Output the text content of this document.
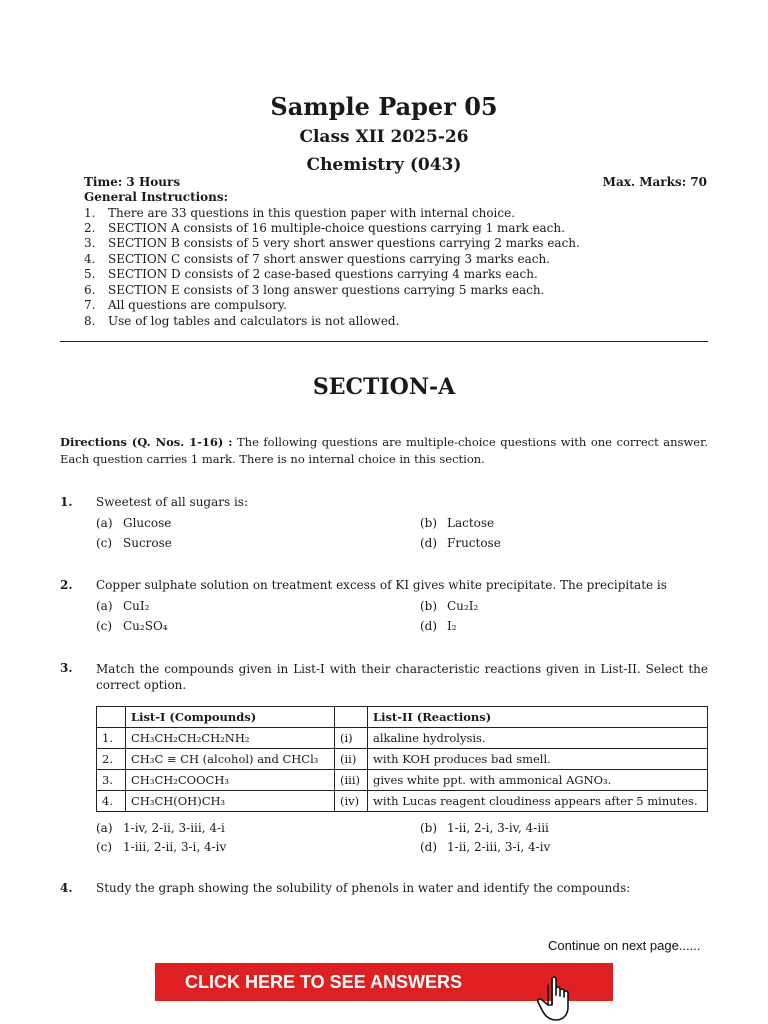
Sample Paper 05
Class XII 2025-26
Chemistry (043)
Time: 3 Hours	Max. Marks: 70
General Instructions:
1.	There are 33 questions in this question paper with internal choice.
2.	SECTION A consists of 16 multiple-choice questions carrying 1 mark each.
3.	SECTION B consists of 5 very short answer questions carrying 2 marks each.
4.	SECTION C consists of 7 short answer questions carrying 3 marks each.
5.	SECTION D consists of 2 case-based questions carrying 4 marks each.
6.	SECTION E consists of 3 long answer questions carrying 5 marks each.
7.	All questions are compulsory.
8.	Use of log tables and calculators is not allowed.
SECTION-A
Directions (Q. Nos. 1-16) : The following questions are multiple-choice questions with one correct answer. Each question carries 1 mark. There is no internal choice in this section.
1. Sweetest of all sugars is:
(a) Glucose	(b) Lactose
(c) Sucrose	(d) Fructose
2. Copper sulphate solution on treatment excess of KI gives white precipitate. The precipitate is
(a) CuI₂	(b) Cu₂I₂
(c) Cu₂SO₄	(d) I₂
3. Match the compounds given in List-I with their characteristic reactions given in List-II. Select the correct option.
	List-I (Compounds)		List-II (Reactions)
1.	CH₃CH₂CH₂CH₂NH₂	(i)	alkaline hydrolysis.
2.	CH₃C ≡ CH (alcohol) and CHCl₃	(ii)	with KOH produces bad smell.
3.	CH₃CH₂COOCH₃	(iii)	gives white ppt. with ammonical AGNO₃.
4.	CH₃CH(OH)CH₃	(iv)	with Lucas reagent cloudiness appears after 5 minutes.
(a) 1-iv, 2-ii, 3-iii, 4-i	(b) 1-ii, 2-i, 3-iv, 4-iii
(c) 1-iii, 2-ii, 3-i, 4-iv	(d) 1-ii, 2-iii, 3-i, 4-iv
4. Study the graph showing the solubility of phenols in water and identify the compounds:
Continue on next page......
CLICK HERE TO SEE ANSWERS
